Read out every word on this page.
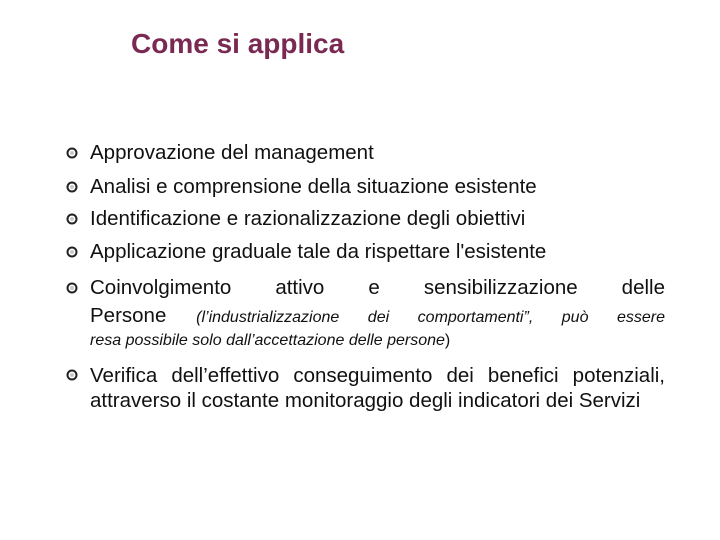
Come si applica
Approvazione del management
Analisi e comprensione della situazione esistente
Identificazione e razionalizzazione degli obiettivi
Applicazione graduale tale da rispettare l'esistente
Coinvolgimento attivo e sensibilizzazione delle
Persone (l’industrializzazione dei comportamenti”, può essere
resa possibile solo dall’accettazione delle persone)
Verifica dell’effettivo conseguimento dei benefici potenziali, attraverso il costante monitoraggio degli indicatori dei Servizi
